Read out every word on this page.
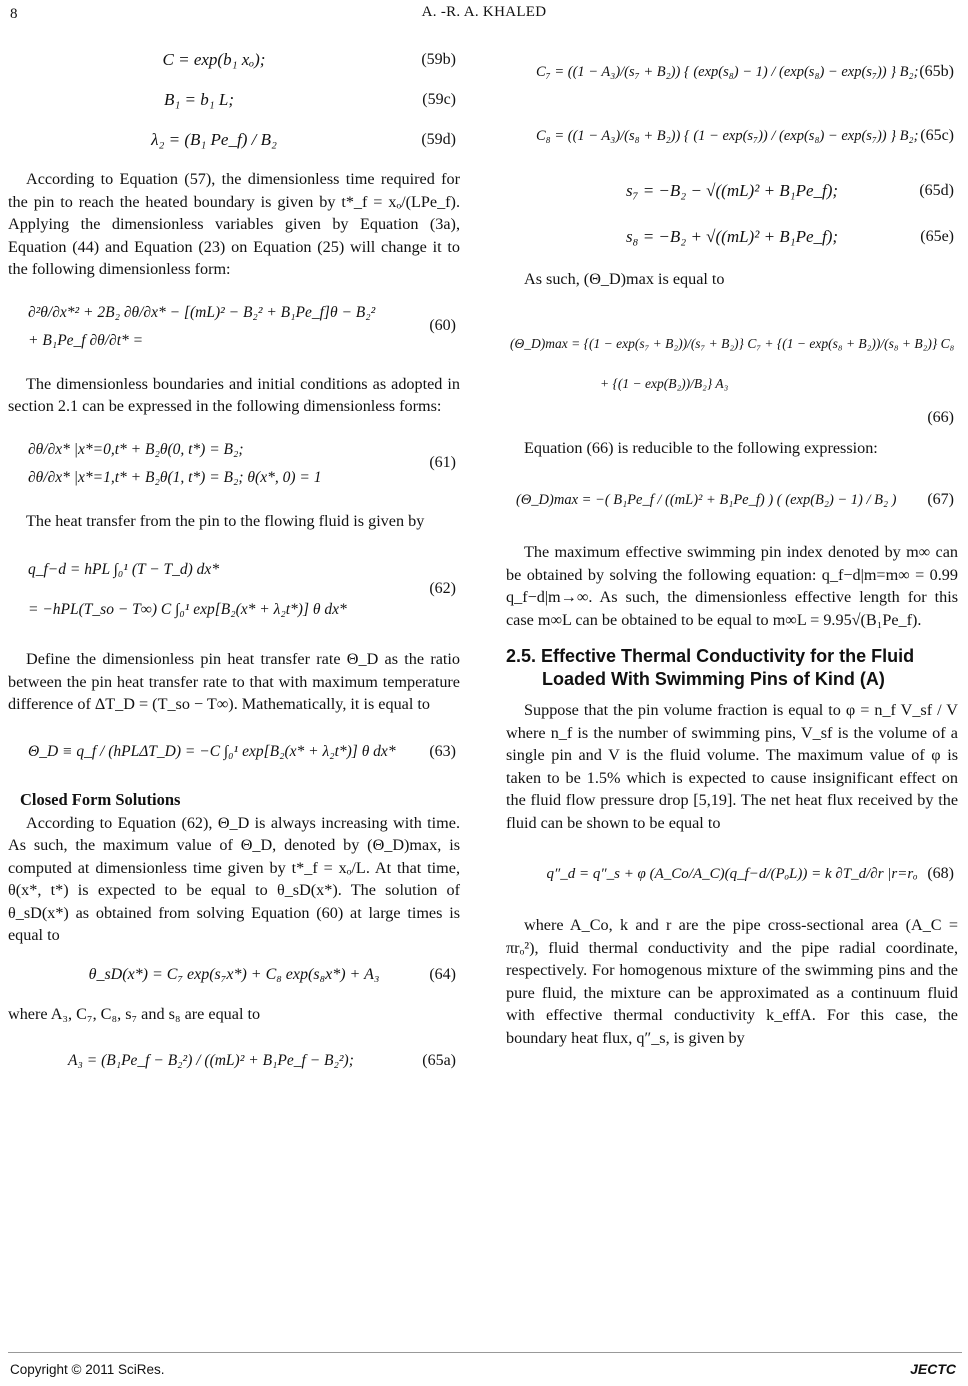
8	A. -R. A. KHALED
C = exp(b₁ xₒ);	(59b)
B₁ = b₁ L;	(59c)
λ₂ = (B₁ Pe_f) / B₂	(59d)

According to Equation (57), the dimensionless time required for the pin to reach the heated boundary is given by t*_f = xₒ/(LPe_f). Applying the dimensionless variables given by Equation (3a), Equation (44) and Equation (23) on Equation (25) will change it to the following dimensionless form:

∂²θ/∂x*² + 2B₂ ∂θ/∂x* − [(mL)² − B₂² + B₁Pe_f]θ − B₂²
+ B₁Pe_f ∂θ/∂t* =
(60)

The dimensionless boundaries and initial conditions as adopted in section 2.1 can be expressed in the following dimensionless forms:

∂θ/∂x* |x*=0,t* + B₂θ(0, t*) = B₂;
∂θ/∂x* |x*=1,t* + B₂θ(1, t*) = B₂; θ(x*, 0) = 1
(61)

The heat transfer from the pin to the flowing fluid is given by

q_f−d = hPL ∫₀¹ (T − T_d) dx*
= −hPL(T_so − T∞) C ∫₀¹ exp[B₂(x* + λ₂t*)] θ dx*
(62)

Define the dimensionless pin heat transfer rate Θ_D as the ratio between the pin heat transfer rate to that with maximum temperature difference of ΔT_D = (T_so − T∞). Mathematically, it is equal to

Θ_D ≡ q_f / (hPLΔT_D) = −C ∫₀¹ exp[B₂(x* + λ₂t*)] θ dx* (63)
Closed Form Solutions

According to Equation (62), Θ_D is always increasing with time. As such, the maximum value of Θ_D, denoted by (Θ_D)max, is computed at dimensionless time given by t*_f = xₒ/L. At that time, θ(x*, t*) is expected to be equal to θ_sD(x*). The solution of θ_sD(x*) as obtained from solving Equation (60) at large times is equal to

θ_sD(x*) = C₇ exp(s₇x*) + C₈ exp(s₈x*) + A₃	(64)

where A₃, C₇, C₈, s₇ and s₈ are equal to

A₃ = (B₁Pe_f − B₂²) / ((mL)² + B₁Pe_f − B₂²);	(65a)
C₇ = ((1 − A₃)/(s₇ + B₂)) { (exp(s₈) − 1) / (exp(s₈) − exp(s₇)) } B₂; (65b)
C₈ = ((1 − A₃)/(s₈ + B₂)) { (1 − exp(s₇)) / (exp(s₈) − exp(s₇)) } B₂; (65c)
s₇ = −B₂ − √((mL)² + B₁Pe_f);	(65d)
s₈ = −B₂ + √((mL)² + B₁Pe_f);	(65e)

As such, (Θ_D)max is equal to

(Θ_D)max = {(1 − exp(s₇ + B₂))/(s₇ + B₂)} C₇ + {(1 − exp(s₈ + B₂))/(s₈ + B₂)} C₈
+ {(1 − exp(B₂))/B₂} A₃
(66)

Equation (66) is reducible to the following expression:

(Θ_D)max = −( B₁Pe_f / ((mL)² + B₁Pe_f) ) ( (exp(B₂) − 1) / B₂ ) (67)

The maximum effective swimming pin index denoted by m∞ can be obtained by solving the following equation: q_f−d|m=m∞ = 0.99 q_f−d|m→∞. As such, the dimensionless effective length for this case m∞L can be obtained to be equal to m∞L = 9.95√(B₁Pe_f).

2.5. Effective Thermal Conductivity for the Fluid Loaded With Swimming Pins of Kind (A)

Suppose that the pin volume fraction is equal to φ = n_f V_sf / V where n_f is the number of swimming pins, V_sf is the volume of a single pin and V is the fluid volume. The maximum value of φ is taken to be 1.5% which is expected to cause insignificant effect on the fluid flow pressure drop [5,19]. The net heat flux received by the fluid can be shown to be equal to

q″_d = q″_s + φ (A_Co/A_C)(q_f−d/(PₒL)) = k ∂T_d/∂r |r=rₒ (68)

where A_Co, k and r are the pipe cross-sectional area (A_C = πrₒ²), fluid thermal conductivity and the pipe radial coordinate, respectively. For homogenous mixture of the swimming pins and the pure fluid, the mixture can be approximated as a continuum fluid with effective thermal conductivity k_effA. For this case, the boundary heat flux, q″_s, is given by

Copyright © 2011 SciRes.	JECTC
